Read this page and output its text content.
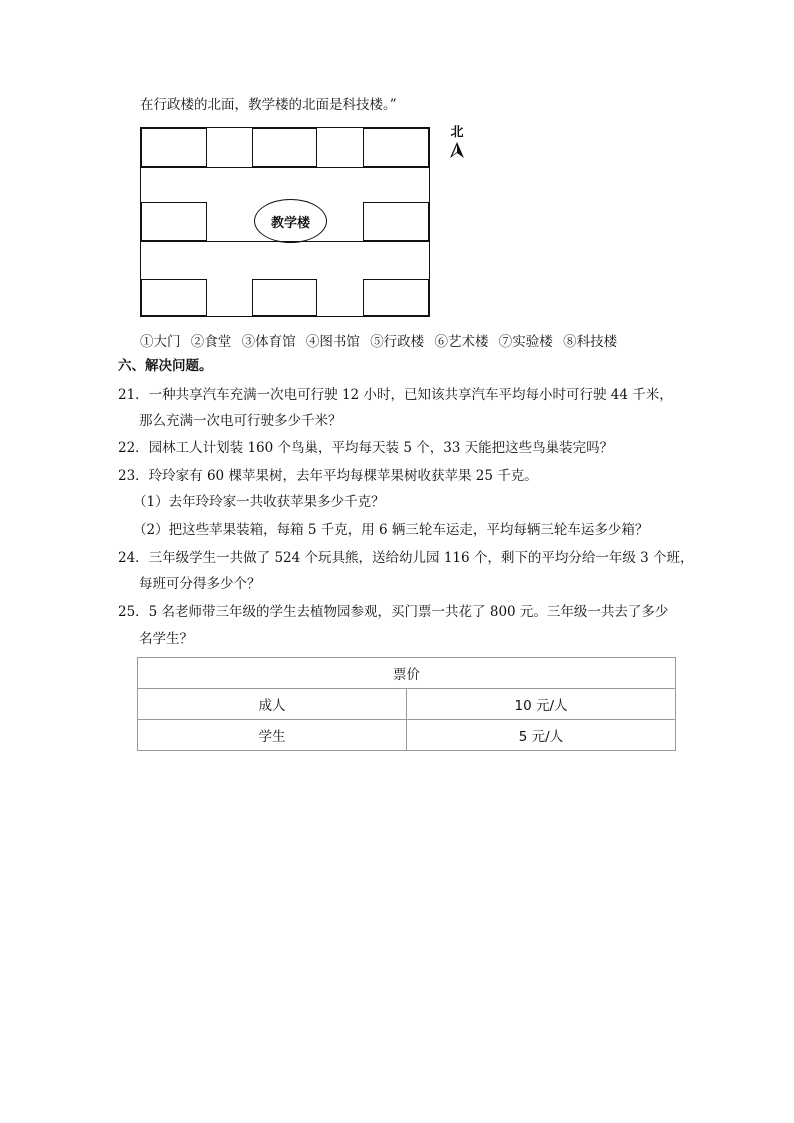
在行政楼的北面，教学楼的北面是科技楼。”
教学楼
北
①大门 ②食堂 ③体育馆 ④图书馆 ⑤行政楼 ⑥艺术楼 ⑦实验楼 ⑧科技楼
六、解决问题。
21．一种共享汽车充满一次电可行驶 12 小时，已知该共享汽车平均每小时可行驶 44 千米，
那么充满一次电可行驶多少千米？
22．园林工人计划装 160 个鸟巢，平均每天装 5 个，33 天能把这些鸟巢装完吗？
23．玲玲家有 60 棵苹果树，去年平均每棵苹果树收获苹果 25 千克。
（1）去年玲玲家一共收获苹果多少千克？
（2）把这些苹果装箱，每箱 5 千克，用 6 辆三轮车运走，平均每辆三轮车运多少箱？
24．三年级学生一共做了 524 个玩具熊，送给幼儿园 116 个，剩下的平均分给一年级 3 个班，
每班可分得多少个？
25．5 名老师带三年级的学生去植物园参观，买门票一共花了 800 元。三年级一共去了多少
名学生？
票价	
成人	10 元/人
学生	5 元/人
